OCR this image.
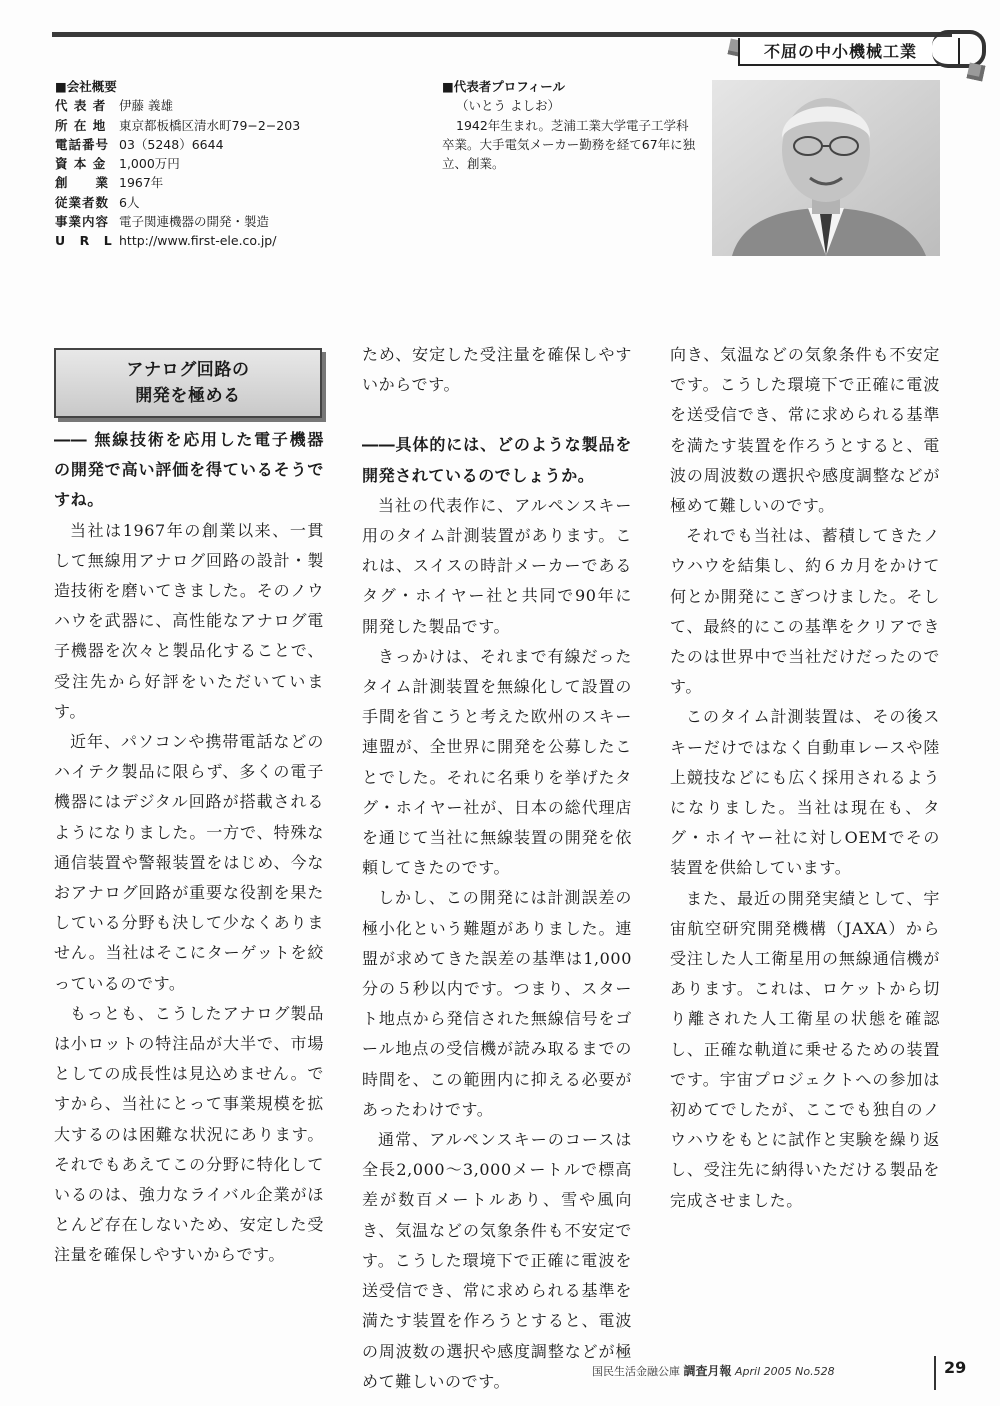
不屈の中小機械工業
■会社概要
代 表 者	伊藤 義雄
所 在 地	東京都板橋区清水町79−2−203
電話番号 03（5248）6644
資 本 金	1,000万円
創　　業 1967年
従業者数 6人
事業内容 電子関連機器の開発・製造
U　R　L http://www.first-ele.co.jp/
■代表者プロフィール
（いとう よしお）
1942年生まれ。芝浦工業大学電子工学科卒業。大手電気メーカー勤務を経て67年に独立、創業。
アナログ回路の
開発を極める

―― 無線技術を応用した電子機器の開発で高い評価を得ているそうですね。

当社は1967年の創業以来、一貫して無線用アナログ回路の設計・製造技術を磨いてきました。そのノウハウを武器に、高性能なアナログ電子機器を次々と製品化することで、受注先から好評をいただいています。

近年、パソコンや携帯電話などのハイテク製品に限らず、多くの電子機器にはデジタル回路が搭載されるようになりました。一方で、特殊な通信装置や警報装置をはじめ、今なおアナログ回路が重要な役割を果たしている分野も決して少なくありません。当社はそこにターゲットを絞っているのです。

もっとも、こうしたアナログ製品は小ロットの特注品が大半で、市場としての成長性は見込めません。ですから、当社にとって事業規模を拡大するのは困難な状況にあります。それでもあえてこの分野に特化しているのは、強力なライバル企業がほとんど存在しないため、安定した受注量を確保しやすいからです。

ため、安定した受注量を確保しやすいからです。

――具体的には、どのような製品を開発されているのでしょうか。

当社の代表作に、アルペンスキー用のタイム計測装置があります。これは、スイスの時計メーカーであるタグ・ホイヤー社と共同で90年に開発した製品です。

きっかけは、それまで有線だったタイム計測装置を無線化して設置の手間を省こうと考えた欧州のスキー連盟が、全世界に開発を公募したことでした。それに名乗りを挙げたタグ・ホイヤー社が、日本の総代理店を通じて当社に無線装置の開発を依頼してきたのです。

しかし、この開発には計測誤差の極小化という難題がありました。連盟が求めてきた誤差の基準は1,000分の５秒以内です。つまり、スタート地点から発信された無線信号をゴール地点の受信機が読み取るまでの時間を、この範囲内に抑える必要があったわけです。

通常、アルペンスキーのコースは全長2,000〜3,000メートルで標高差が数百メートルあり、雪や風向き、気温などの気象条件も不安定です。こうした環境下で正確に電波を送受信でき、常に求められる基準を満たす装置を作ろうとすると、電波の周波数の選択や感度調整などが極めて難しいのです。

向き、気温などの気象条件も不安定です。こうした環境下で正確に電波を送受信でき、常に求められる基準を満たす装置を作ろうとすると、電波の周波数の選択や感度調整などが極めて難しいのです。

それでも当社は、蓄積してきたノウハウを結集し、約６カ月をかけて何とか開発にこぎつけました。そして、最終的にこの基準をクリアできたのは世界中で当社だけだったのです。

このタイム計測装置は、その後スキーだけではなく自動車レースや陸上競技などにも広く採用されるようになりました。当社は現在も、タグ・ホイヤー社に対しOEMでその装置を供給しています。

また、最近の開発実績として、宇宙航空研究開発機構（JAXA）から受注した人工衛星用の無線通信機があります。これは、ロケットから切り離された人工衛星の状態を確認し、正確な軌道に乗せるための装置です。宇宙プロジェクトへの参加は初めてでしたが、ここでも独自のノウハウをもとに試作と実験を繰り返し、受注先に納得いただける製品を完成させました。

国民生活金融公庫 調査月報 April 2005 No.528	29
